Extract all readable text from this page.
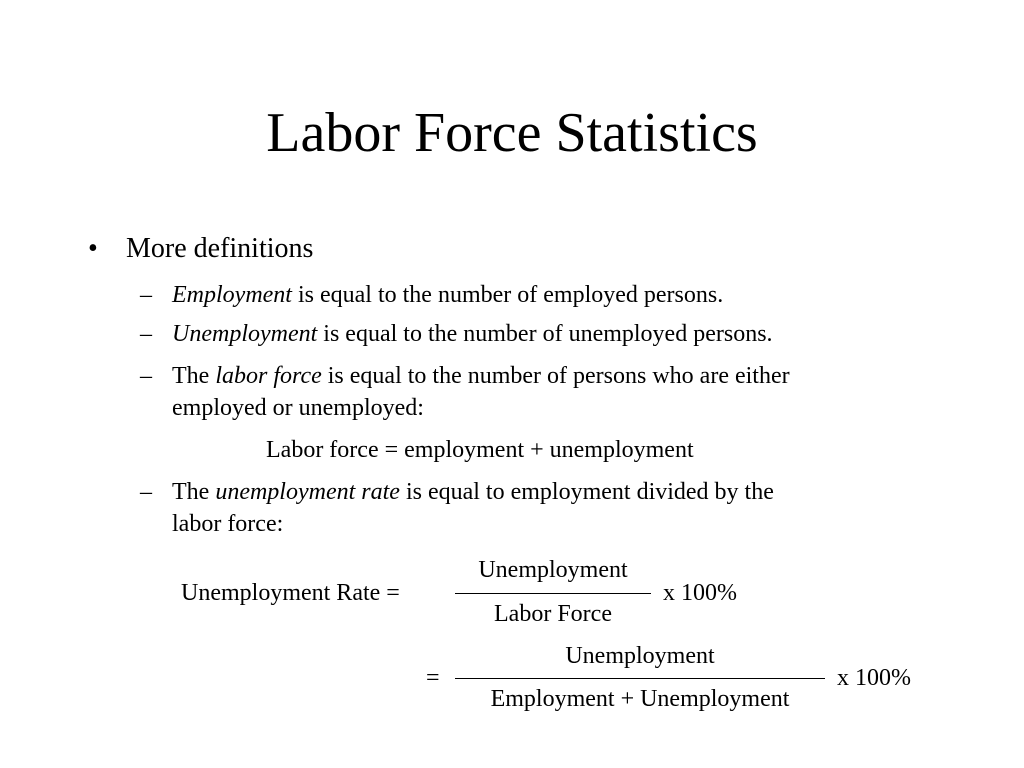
Labor Force Statistics
• More definitions
– Employment is equal to the number of employed persons.
– Unemployment is equal to the number of unemployed persons.
– The labor force is equal to the number of persons who are either
employed or unemployed:
Labor force = employment + unemployment
– The unemployment rate is equal to employment divided by the
labor force:
Unemployment Rate =
Unemployment
Labor Force
x 100%
=
Unemployment
Employment + Unemployment
x 100%
